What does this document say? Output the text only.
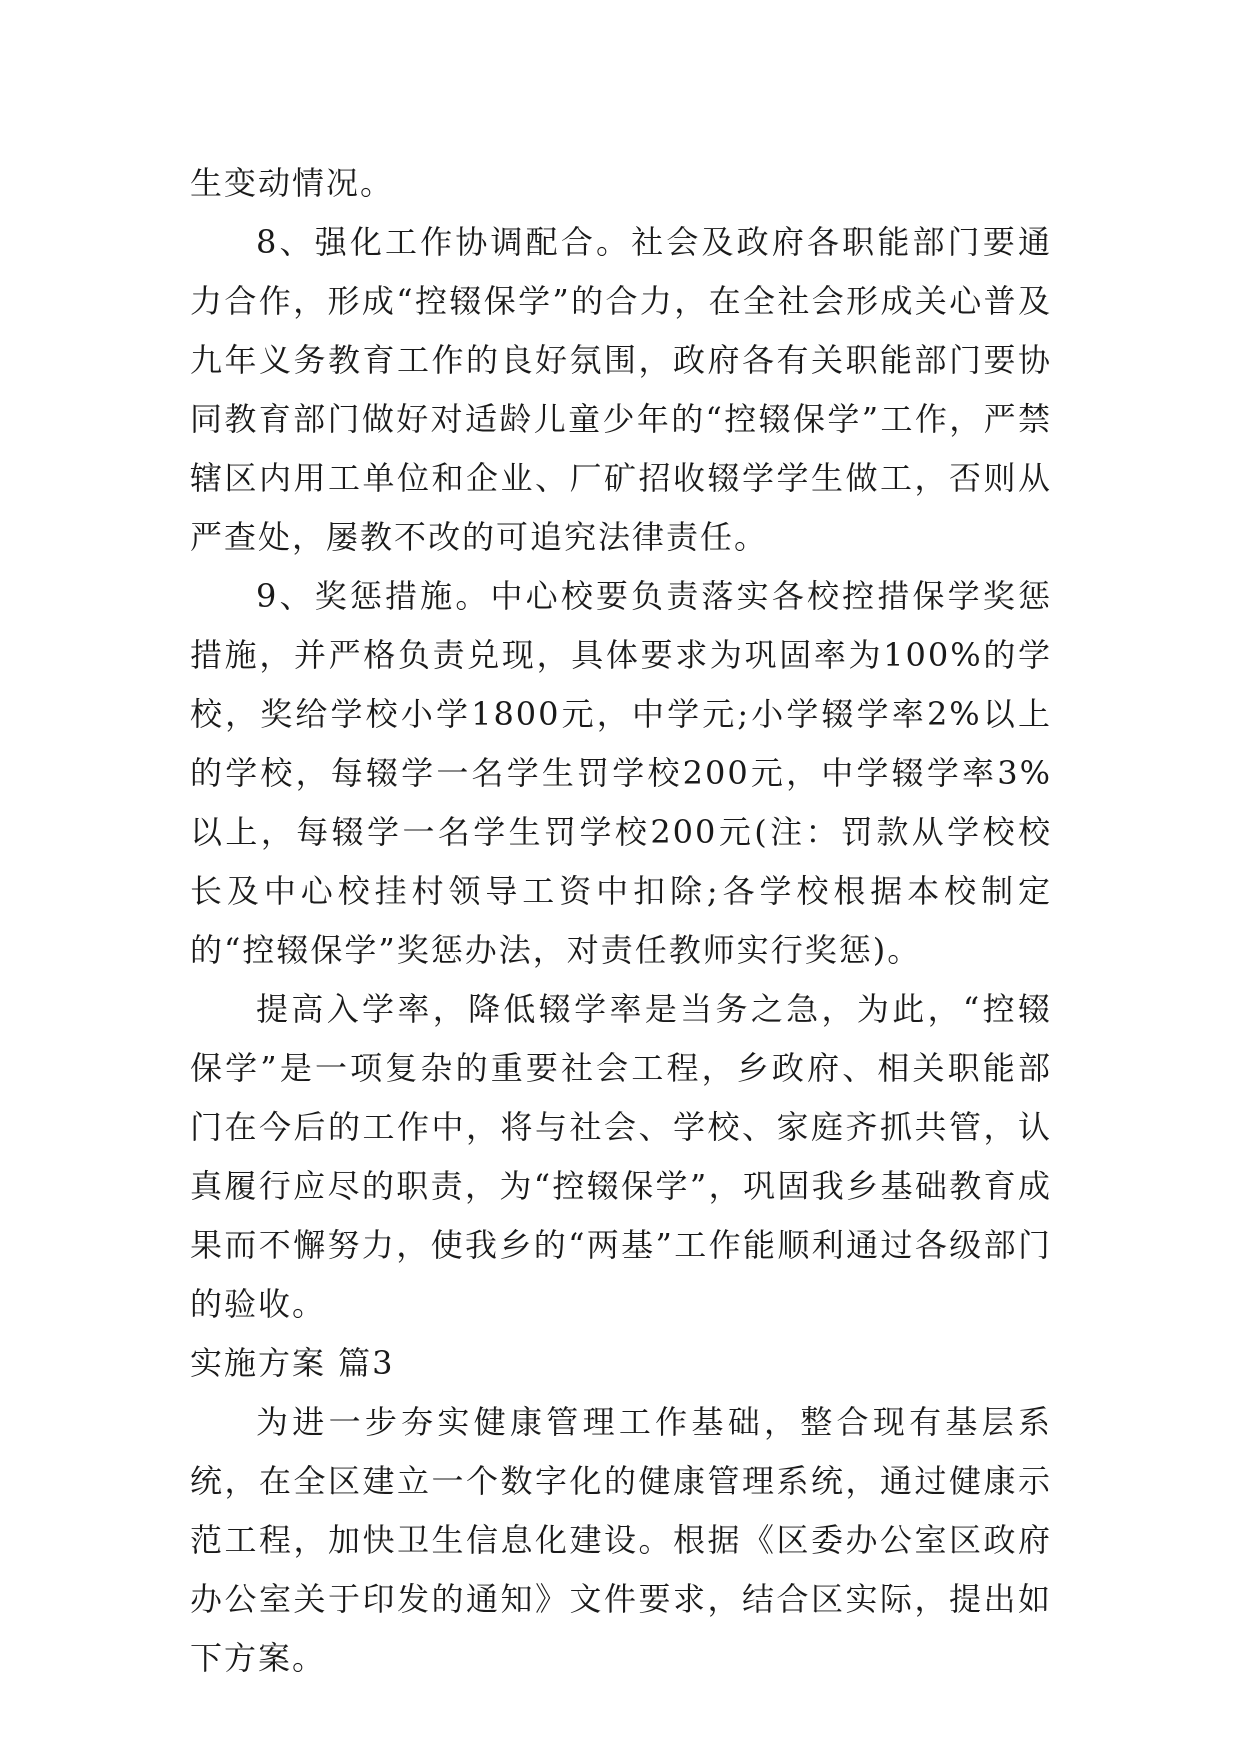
生变动情况。

8、强化工作协调配合。社会及政府各职能部门要通力合作，形成“控辍保学”的合力，在全社会形成关心普及九年义务教育工作的良好氛围，政府各有关职能部门要协同教育部门做好对适龄儿童少年的“控辍保学”工作，严禁辖区内用工单位和企业、厂矿招收辍学学生做工，否则从严查处，屡教不改的可追究法律责任。

9、奖惩措施。中心校要负责落实各校控措保学奖惩措施，并严格负责兑现，具体要求为巩固率为100%的学校，奖给学校小学1800元，中学元;小学辍学率2%以上的学校，每辍学一名学生罚学校200元，中学辍学率3%以上，每辍学一名学生罚学校200元(注：罚款从学校校长及中心校挂村领导工资中扣除;各学校根据本校制定的“控辍保学”奖惩办法，对责任教师实行奖惩)。

提高入学率，降低辍学率是当务之急，为此，“控辍保学”是一项复杂的重要社会工程，乡政府、相关职能部门在今后的工作中，将与社会、学校、家庭齐抓共管，认真履行应尽的职责，为“控辍保学”，巩固我乡基础教育成果而不懈努力，使我乡的“两基”工作能顺利通过各级部门的验收。

实施方案 篇3

为进一步夯实健康管理工作基础，整合现有基层系统，在全区建立一个数字化的健康管理系统，通过健康示范工程，加快卫生信息化建设。根据《区委办公室区政府办公室关于印发的通知》文件要求，结合区实际，提出如下方案。
